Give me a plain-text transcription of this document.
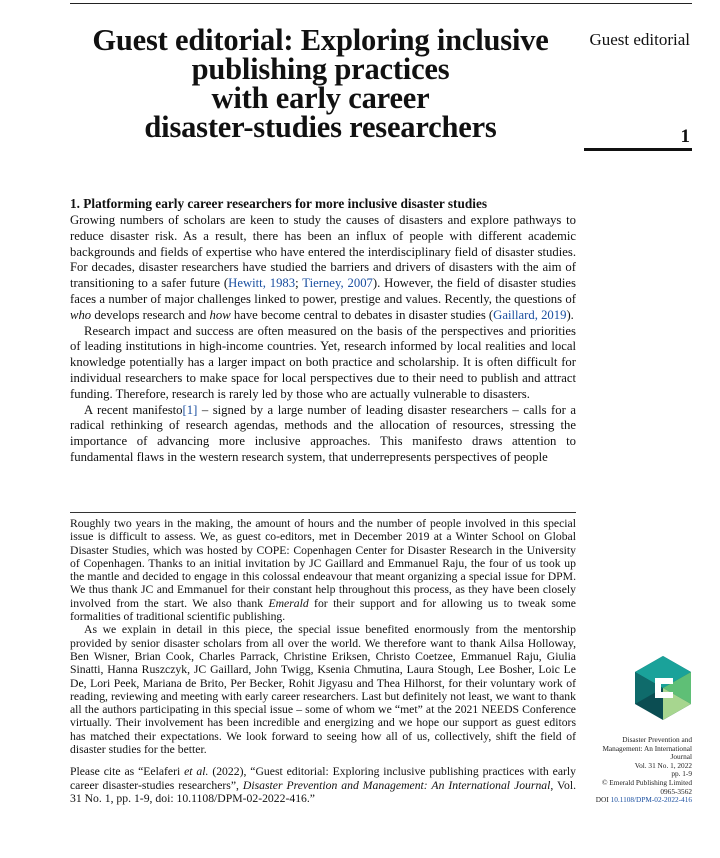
Guest editorial: Exploring inclusive
publishing practices
with early career
disaster-studies researchers
Guest editorial
1
1. Platforming early career researchers for more inclusive disaster studies

Growing numbers of scholars are keen to study the causes of disasters and explore pathways to reduce disaster risk. As a result, there has been an influx of people with different academic backgrounds and fields of expertise who have entered the interdisciplinary field of disaster studies. For decades, disaster researchers have studied the barriers and drivers of disasters with the aim of transitioning to a safer future (Hewitt, 1983; Tierney, 2007). However, the field of disaster studies faces a number of major challenges linked to power, prestige and values. Recently, the questions of who develops research and how have become central to debates in disaster studies (Gaillard, 2019).

Research impact and success are often measured on the basis of the perspectives and priorities of leading institutions in high-income countries. Yet, research informed by local realities and local knowledge potentially has a larger impact on both practice and scholarship. It is often difficult for individual researchers to make space for local perspectives due to their need to publish and attract funding. Therefore, research is rarely led by those who are actually vulnerable to disasters.

A recent manifesto[1] – signed by a large number of leading disaster researchers – calls for a radical rethinking of research agendas, methods and the allocation of resources, stressing the importance of advancing more inclusive approaches. This manifesto draws attention to fundamental flaws in the western research system, that underrepresents perspectives of people

Roughly two years in the making, the amount of hours and the number of people involved in this special issue is difficult to assess. We, as guest co-editors, met in December 2019 at a Winter School on Global Disaster Studies, which was hosted by COPE: Copenhagen Center for Disaster Research in the University of Copenhagen. Thanks to an initial invitation by JC Gaillard and Emmanuel Raju, the four of us took up the mantle and decided to engage in this colossal endeavour that meant organizing a special issue for DPM. We thus thank JC and Emmanuel for their constant help throughout this process, as they have been closely involved from the start. We also thank Emerald for their support and for allowing us to tweak some formalities of traditional scientific publishing.

As we explain in detail in this piece, the special issue benefited enormously from the mentorship provided by senior disaster scholars from all over the world. We therefore want to thank Ailsa Holloway, Ben Wisner, Brian Cook, Charles Parrack, Christine Eriksen, Christo Coetzee, Emmanuel Raju, Giulia Sinatti, Hanna Ruszczyk, JC Gaillard, John Twigg, Ksenia Chmutina, Laura Stough, Lee Bosher, Loic Le De, Lori Peek, Mariana de Brito, Per Becker, Rohit Jigyasu and Thea Hilhorst, for their voluntary work of reading, reviewing and meeting with early career researchers. Last but definitely not least, we want to thank all the authors participating in this special issue – some of whom we “met” at the 2021 NEEDS Conference virtually. Their involvement has been incredible and energizing and we hope our support as guest editors has matched their expectations. We look forward to seeing how all of us, collectively, shift the field of disaster studies for the better.

Please cite as “Eelaferi et al. (2022), “Guest editorial: Exploring inclusive publishing practices with early career disaster-studies researchers”, Disaster Prevention and Management: An International Journal, Vol. 31 No. 1, pp. 1-9, doi: 10.1108/DPM-02-2022-416.”

Disaster Prevention and
Management: An International
Journal
Vol. 31 No. 1, 2022
pp. 1-9
© Emerald Publishing Limited
0965-3562
DOI 10.1108/DPM-02-2022-416
